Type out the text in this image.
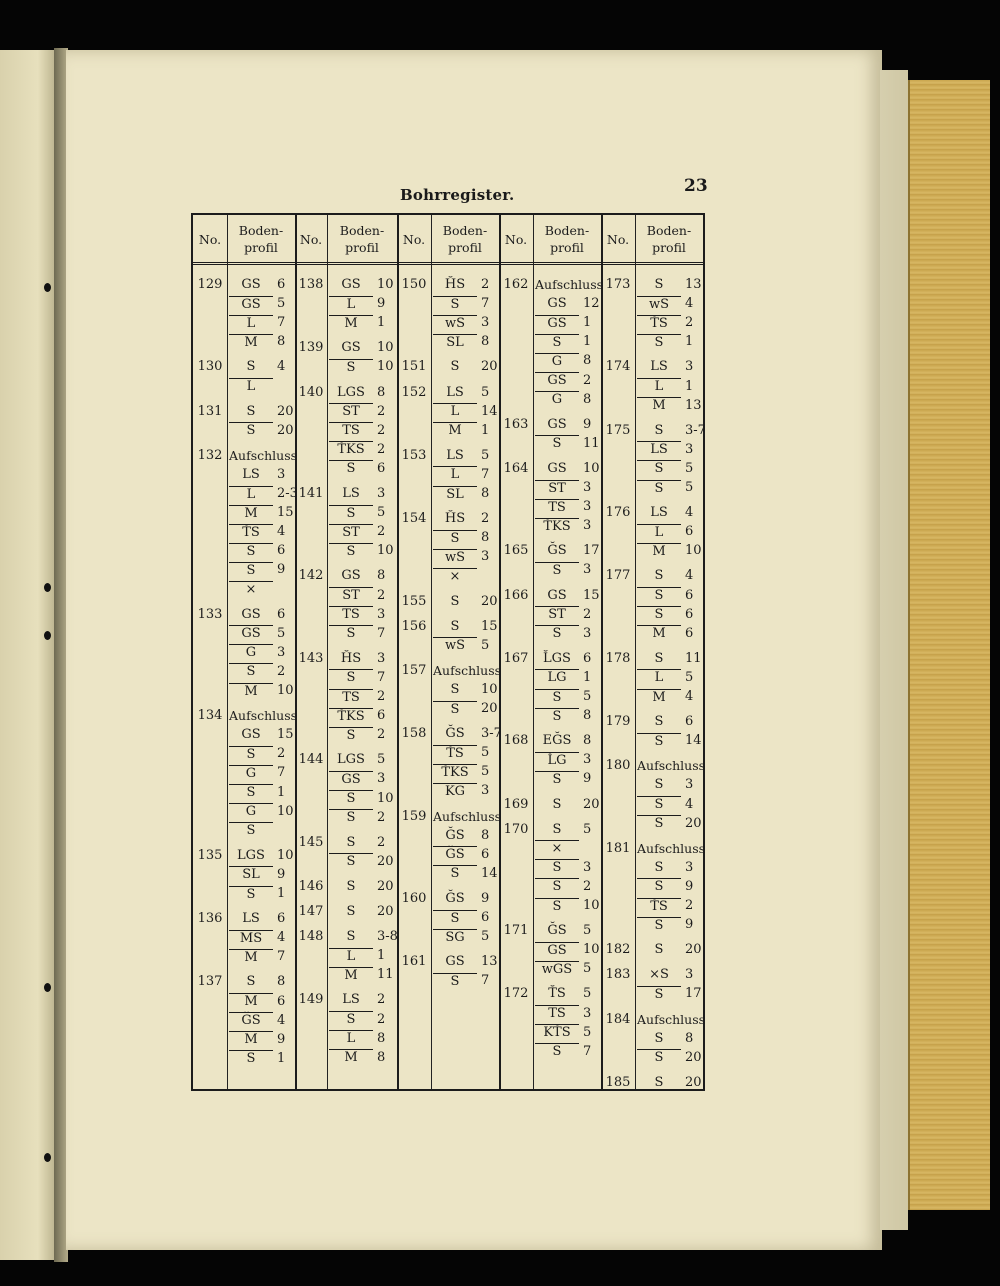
Bohrregister.	23
No.
Boden-
profil
No.
Boden-
profil
No.
Boden-
profil
No.
Boden-
profil
No.
Boden-
profil
129	GS	6
GS	5
L	7
M	8
130	S	4
L
131	S	20
S	20
132 Aufschluss
LS	3
L	2-3
M	15
T̆S	4
S	6
S	9
×
133	GS	6
GS	5
G	3
S	2
M	10
134 Aufschluss
GS	15
S	2
G	7
S	1
G	10
S
135	LGS 10
SL	9
S	1
136	LS	6
MS	4
M	7
137	S	8
M	6
ĞS	4
M	9
S	1
138	GS	10
L	9
M	1
139	GS	10
S	10
140	LGS 8
ST	2
TS	2
T̆KS 2
S	6
141	LS	3
S	5
ST	2
S	10
142	GS	8
ST	2
TS	3
S	7
143	H̆S	3
S	7
TS	2
T̆KS 6
S	2
144	LGS 5
GS	3
S	10
S	2
145	S	2
S	20
146	S	20
147	S	20
148	S	3-8
L	1
M	11
149	LS	2
S	2
L	8
M	8
150	H̆S	2
S	7
wS	3
SL	8
151	S	20
152	LS	5
L	14
M	1
153	LS	5
L	7
SL	8
154	H̆S	2
S	8
wS	3
×
155	S	20
156	S	15
wS	5
157 Aufschluss
S	10
S	20
158	ĞS	3-7
T̆S	5
T̆KS 5
KG	3
159 Aufschluss
ĞS	8
ĞS	6
S	14
160	ĞS	9
S	6
SG	5
161	GS	13
S	7
162 Aufschluss
GS	12
GS	1
S	1
G	8
GS	2
G	8
163	GS	9
S	11
164	GS	10
ST	3
TS	3
T̆KS 3
165	ĞS	17
S	3
166	GS	15
ST	2
S	3
167	L̆GS 6
LG	1
S	5
S	8
168	EĞS 8
L̆G	3
S	9
169	S	20
170	S	5
×
S	3
S	2
S	10
171	ĞS	5
GS	10
wGS 5
172	T̆S	5
TS	3
KT̆S 5
S	7
173	S	13
wS	4
T̆S	2
S	1
174	LS	3
L	1
M	13
175	S	3-7
LS	3
S	5
S	5
176	LS	4
L	6
M	10
177	S	4
S	6
S	6
M	6
178	S	11
L	5
M	4
179	S	6
S	14
180 Aufschluss
S	3
S	4
S	20
181 Aufschluss
S	3
S	9
T̆S	2
S	9
182	S	20
183	×S	3
S	17
184 Aufschluss
S	8
S	20
185	S	20
